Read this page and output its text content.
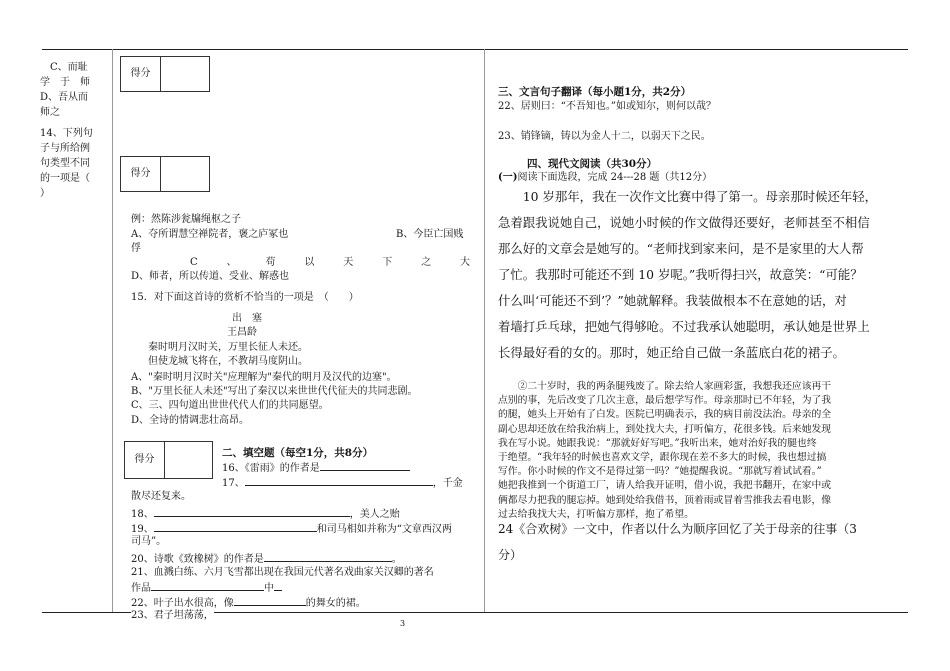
C、而耻

学　于　师

D、吾从而

师之

14、下列句

子与所给例

句类型不同

的一项是（

）

得分
得分

例：然陈涉瓮牖绳枢之子

A、夺所谓慧空禅院者，褒之庐冢也	B、今臣亡国贱

俘

C	、	苟	以	天	下	之	大

D、师者，所以传道、受业、解惑也

15．对下面这首诗的赏析不恰当的一项是　（　　）

出　塞

王昌龄

秦时明月汉时关，万里长征人未还。

但使龙城飞将在，不教胡马度阴山。

A、"秦时明月汉时关"应理解为"秦代的明月及汉代的边塞"。

B、"万里长征人未还"写出了秦汉以来世世代代征夫的共同悲剧。

C、三、四句道出世世代代人们的共同愿望。

D、全诗的情调悲壮高昂。

得分

二、填空题（每空1分，共8分）

16、《雷雨》的作者是

17、	，千金

散尽还复来。

18、	，美人之贻

19、	和司马相如并称为“文章西汉两

司马”。

20、诗歌《致橡树》的作者是	。

21、血溅白练、六月飞雪都出现在我国元代著名戏曲家关汉卿的著名

作品	中

22、叶子出水很高，像	的舞女的裙。

23、君子坦荡荡，

三、文言句子翻译（每小题1分，共2分）

22、居则曰：“不吾知也。”如或知尔，则何以哉？

23、销锋镝，铸以为金人十二，以弱天下之民。

四、现代文阅读（共30分）

(一)阅读下面选段，完成 24---28 题（共12分）

10 岁那年，我在一次作文比赛中得了第一。母亲那时候还年轻，

急着跟我说她自己，说她小时候的作文做得还要好，老师甚至不相信

那么好的文章会是她写的。“老师找到家来问，是不是家里的大人帮

了忙。我那时可能还不到 10 岁呢。”我听得扫兴，故意笑：“可能？

什么叫‘可能还不到’？”她就解释。我装做根本不在意她的话，对

着墙打乒乓球，把她气得够呛。不过我承认她聪明，承认她是世界上

长得最好看的女的。那时，她正给自己做一条蓝底白花的裙子。

②二十岁时，我的两条腿残废了。除去给人家画彩蛋，我想我还应该再干

点别的事，先后改变了几次主意，最后想学写作。母亲那时已不年轻，为了我

的腿，她头上开始有了白发。医院已明确表示，我的病目前没法治。母亲的全

副心思却还放在给我治病上，到处找大夫，打听偏方，花很多钱。后来她发现

我在写小说。她跟我说：“那就好好写吧。”我听出来，她对治好我的腿也终

于绝望。“我年轻的时候也喜欢文学，跟你现在差不多大的时候，我也想过搞

写作。你小时候的作文不是得过第一吗？”她提醒我说。“那就写着试试看。”

她把我推到一个街道工厂，请人给我开证明，借小说，我把书翻开，在家中或

俩都尽力把我的腿忘掉。她到处给我借书，顶着雨或冒着雪推我去看电影，像

过去给我找大夫，打听偏方那样，抱了希望。

24《合欢树》一文中，作者以什么为顺序回忆了关于母亲的往事（3

分）

3
